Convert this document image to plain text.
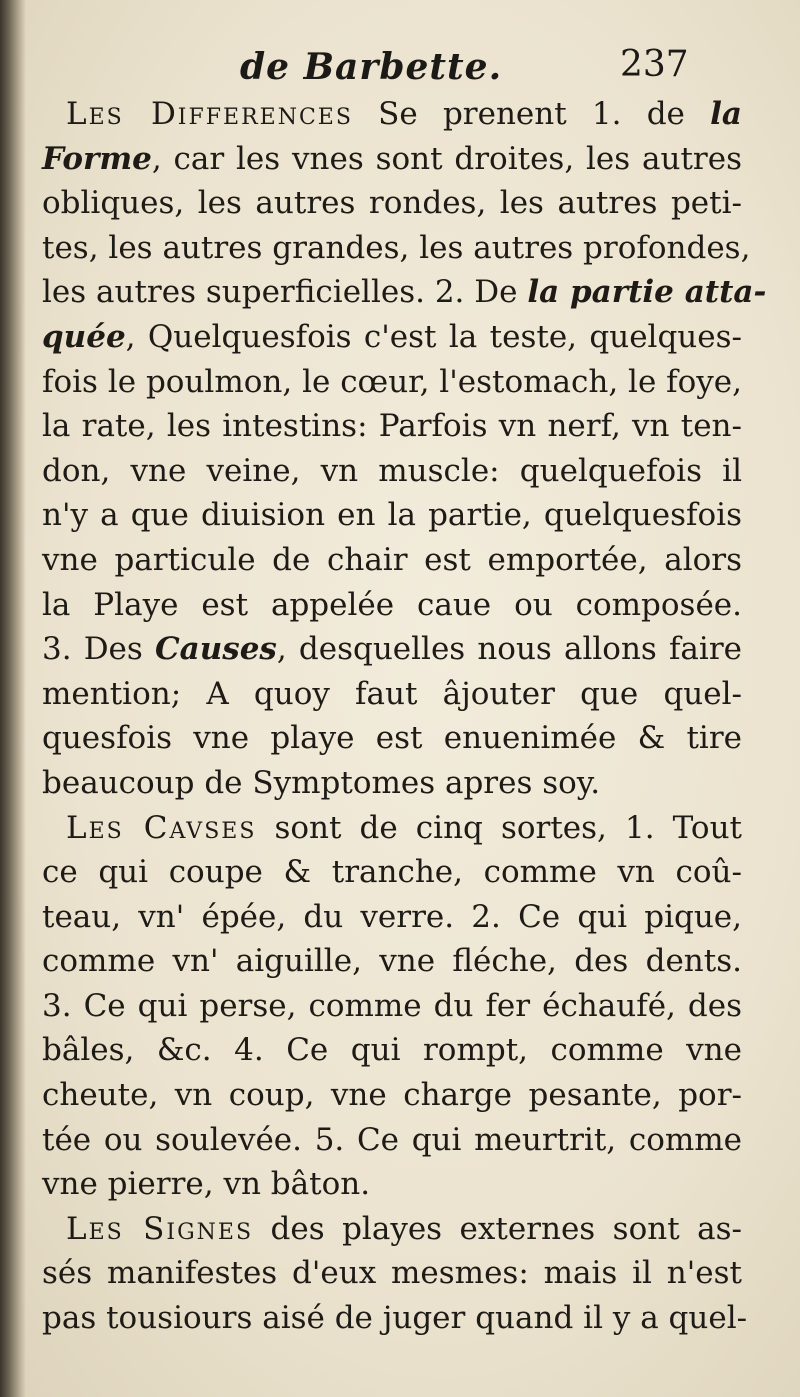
de Barbette.	237
Les Differences Se prenent 1. de la
Forme, car les vnes sont droites, les autres
obliques, les autres rondes, les autres peti-
tes, les autres grandes, les autres profondes,
les autres superficielles. 2. De la partie atta-
quée, Quelquesfois c'est la teste, quelques-
fois le poulmon, le cœur, l'estomach, le foye,
la rate, les intestins: Parfois vn nerf, vn ten-
don, vne veine, vn muscle: quelquefois il
n'y a que diuision en la partie, quelquesfois
vne particule de chair est emportée, alors
la Playe est appelée caue ou composée.
3. Des Causes, desquelles nous allons faire
mention; A quoy faut âjouter que quel-
quesfois vne playe est enuenimée & tire
beaucoup de Symptomes apres soy.
Les Cavses sont de cinq sortes, 1. Tout
ce qui coupe & tranche, comme vn coû-
teau, vn' épée, du verre. 2. Ce qui pique,
comme vn' aiguille, vne fléche, des dents.
3. Ce qui perse, comme du fer échaufé, des
bâles, &c. 4. Ce qui rompt, comme vne
cheute, vn coup, vne charge pesante, por-
tée ou soulevée. 5. Ce qui meurtrit, comme
vne pierre, vn bâton.
Les Signes des playes externes sont as-
sés manifestes d'eux mesmes: mais il n'est
pas tousiours aisé de juger quand il y a quel-
